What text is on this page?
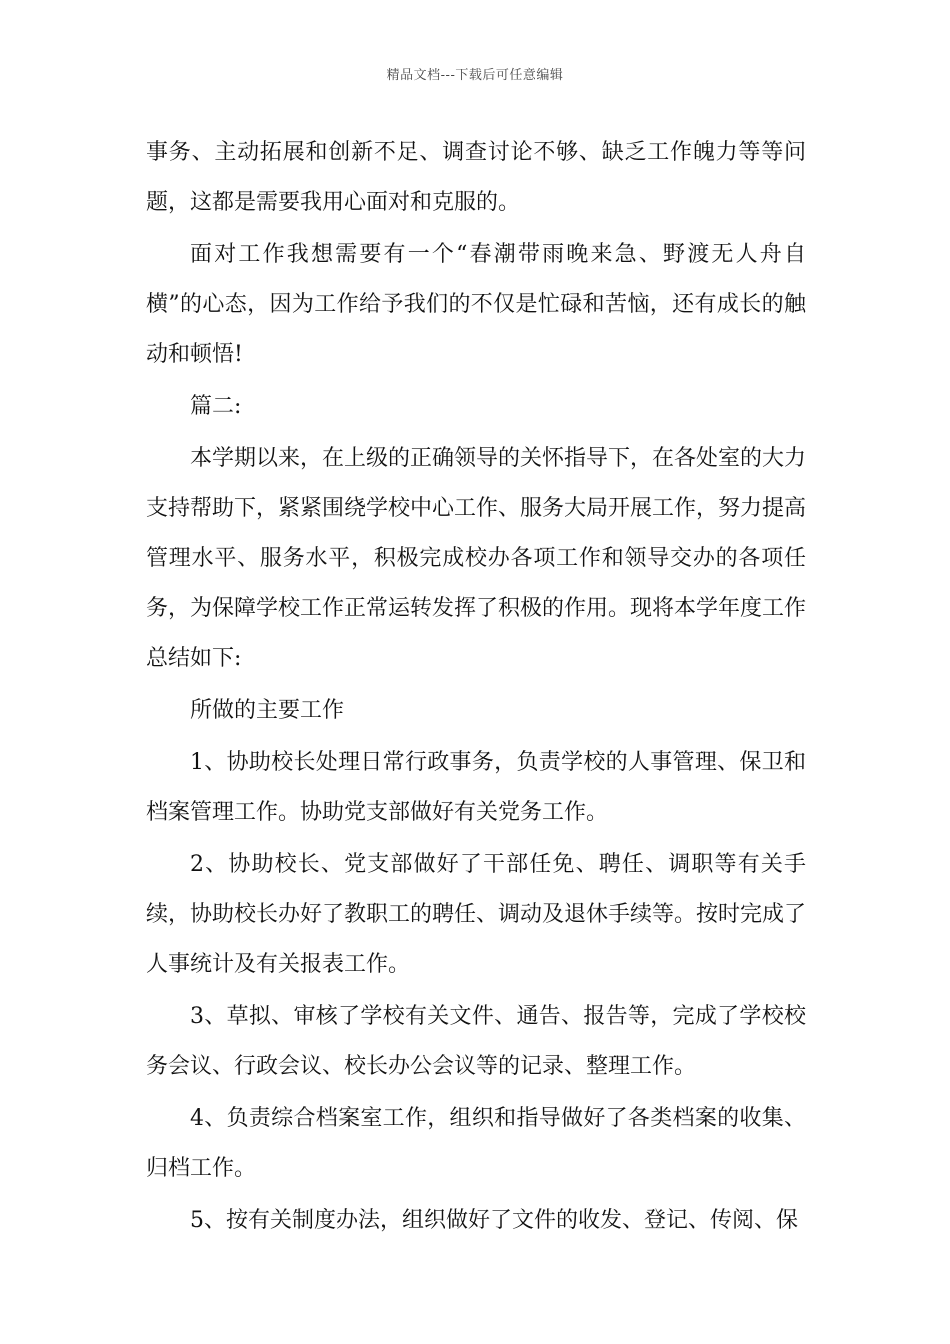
精品文档---下载后可任意编辑

事务、主动拓展和创新不足、调查讨论不够、缺乏工作魄力等等问题，这都是需要我用心面对和克服的。

面对工作我想需要有一个“春潮带雨晚来急、野渡无人舟自横”的心态，因为工作给予我们的不仅是忙碌和苦恼，还有成长的触动和顿悟!

篇二:

本学期以来，在上级的正确领导的关怀指导下，在各处室的大力支持帮助下，紧紧围绕学校中心工作、服务大局开展工作，努力提高管理水平、服务水平，积极完成校办各项工作和领导交办的各项任务，为保障学校工作正常运转发挥了积极的作用。现将本学年度工作总结如下:

所做的主要工作

1、协助校长处理日常行政事务，负责学校的人事管理、保卫和档案管理工作。协助党支部做好有关党务工作。

2、协助校长、党支部做好了干部任免、聘任、调职等有关手续，协助校长办好了教职工的聘任、调动及退休手续等。按时完成了人事统计及有关报表工作。

3、草拟、审核了学校有关文件、通告、报告等，完成了学校校务会议、行政会议、校长办公会议等的记录、整理工作。

4、负责综合档案室工作，组织和指导做好了各类档案的收集、归档工作。

5、按有关制度办法，组织做好了文件的收发、登记、传阅、保
